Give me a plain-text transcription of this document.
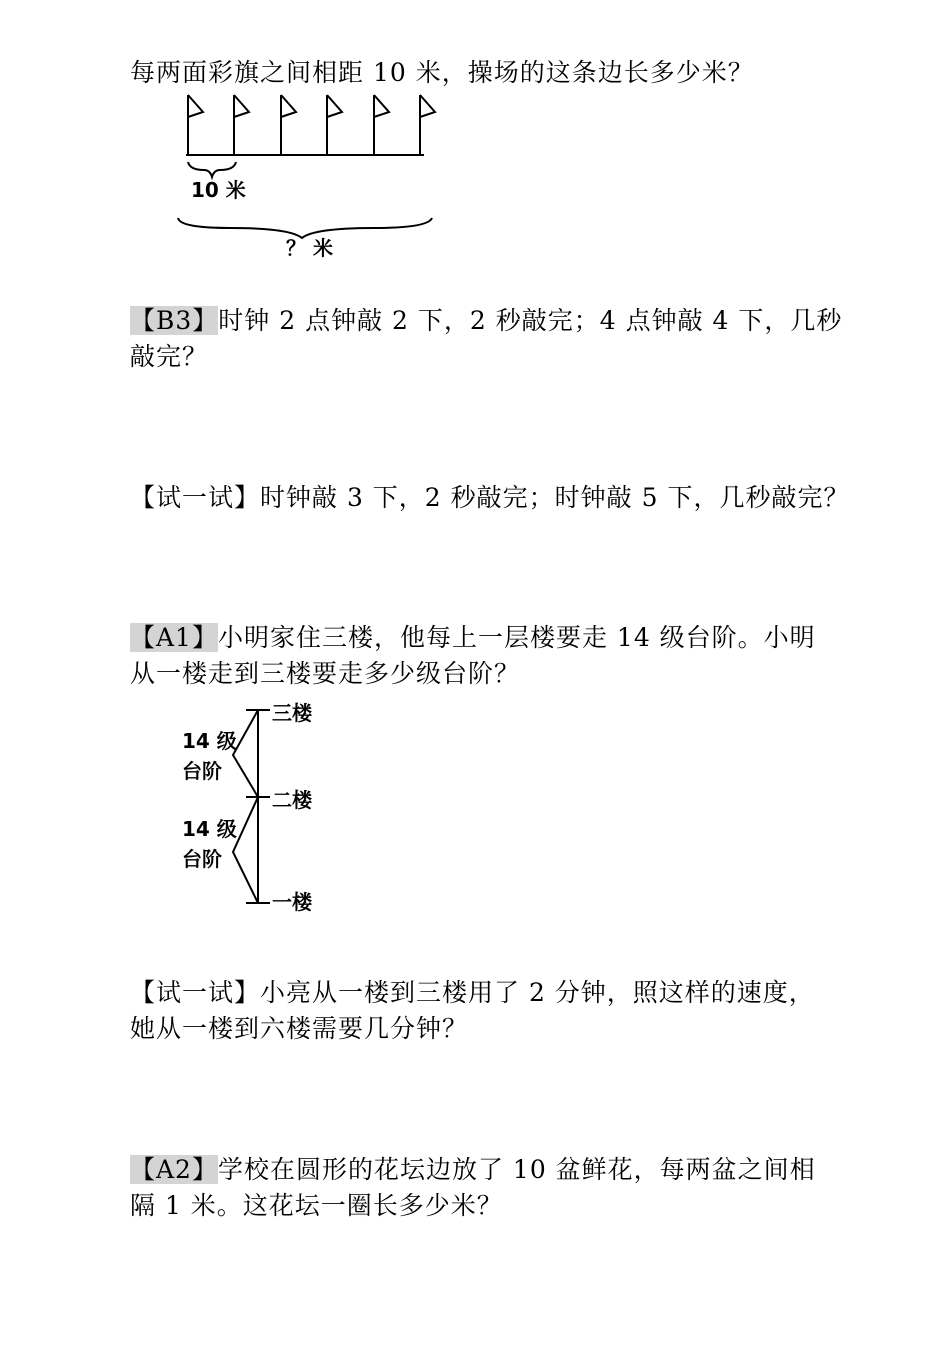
每两面彩旗之间相距 10 米，操场的这条边长多少米？
10 米
？ 米
【B3】时钟 2 点钟敲 2 下，2 秒敲完；4 点钟敲 4 下，几秒
敲完？
【试一试】时钟敲 3 下，2 秒敲完；时钟敲 5 下，几秒敲完？
【A1】小明家住三楼，他每上一层楼要走 14 级台阶。小明
从一楼走到三楼要走多少级台阶？
三楼
二楼
一楼
14 级
台阶
14 级
台阶
【试一试】小亮从一楼到三楼用了 2 分钟，照这样的速度，
她从一楼到六楼需要几分钟？
【A2】学校在圆形的花坛边放了 10 盆鲜花，每两盆之间相
隔 1 米。这花坛一圈长多少米？
